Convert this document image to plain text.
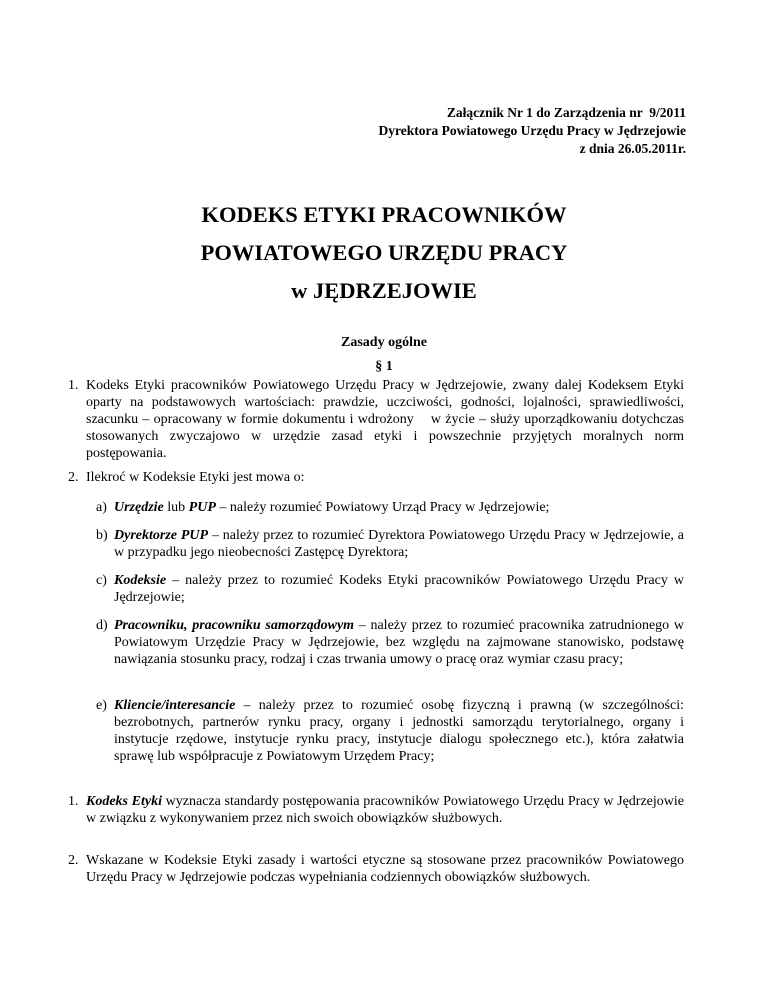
Załącznik Nr 1 do Zarządzenia nr  9/2011
Dyrektora Powiatowego Urzędu Pracy w Jędrzejowie
z dnia 26.05.2011r.
KODEKS ETYKI PRACOWNIKÓW
POWIATOWEGO URZĘDU PRACY
w JĘDRZEJOWIE
Zasady ogólne
§ 1
1. Kodeks Etyki pracowników Powiatowego Urzędu Pracy w Jędrzejowie, zwany dalej Kodeksem Etyki oparty na podstawowych wartościach: prawdzie, uczciwości, godności, lojalności, sprawiedliwości, szacunku – opracowany w formie dokumentu i wdrożony    w życie – służy uporządkowaniu dotychczas stosowanych zwyczajowo w urzędzie zasad etyki i powszechnie przyjętych moralnych norm postępowania.
2. Ilekroć w Kodeksie Etyki jest mowa o:
a) Urzędzie lub PUP – należy rozumieć Powiatowy Urząd Pracy w Jędrzejowie;
b) Dyrektorze PUP – należy przez to rozumieć Dyrektora Powiatowego Urzędu Pracy w Jędrzejowie, a w przypadku jego nieobecności Zastępcę Dyrektora;
c) Kodeksie – należy przez to rozumieć Kodeks Etyki pracowników Powiatowego Urzędu Pracy w Jędrzejowie;
d) Pracowniku, pracowniku samorządowym – należy przez to rozumieć pracownika zatrudnionego w Powiatowym Urzędzie Pracy w Jędrzejowie, bez względu na zajmowane stanowisko, podstawę nawiązania stosunku pracy, rodzaj i czas trwania umowy o pracę oraz wymiar czasu pracy;
e) Kliencie/interesancie – należy przez to rozumieć osobę fizyczną i prawną (w szczególności: bezrobotnych, partnerów rynku pracy, organy i jednostki samorządu terytorialnego, organy i instytucje rzędowe, instytucje rynku pracy, instytucje dialogu społecznego etc.), która załatwia sprawę lub współpracuje z Powiatowym Urzędem Pracy;
1. Kodeks Etyki wyznacza standardy postępowania pracowników Powiatowego Urzędu Pracy w Jędrzejowie w związku z wykonywaniem przez nich swoich obowiązków służbowych.
2. Wskazane w Kodeksie Etyki zasady i wartości etyczne są stosowane przez pracowników Powiatowego Urzędu Pracy w Jędrzejowie podczas wypełniania codziennych obowiązków służbowych.
